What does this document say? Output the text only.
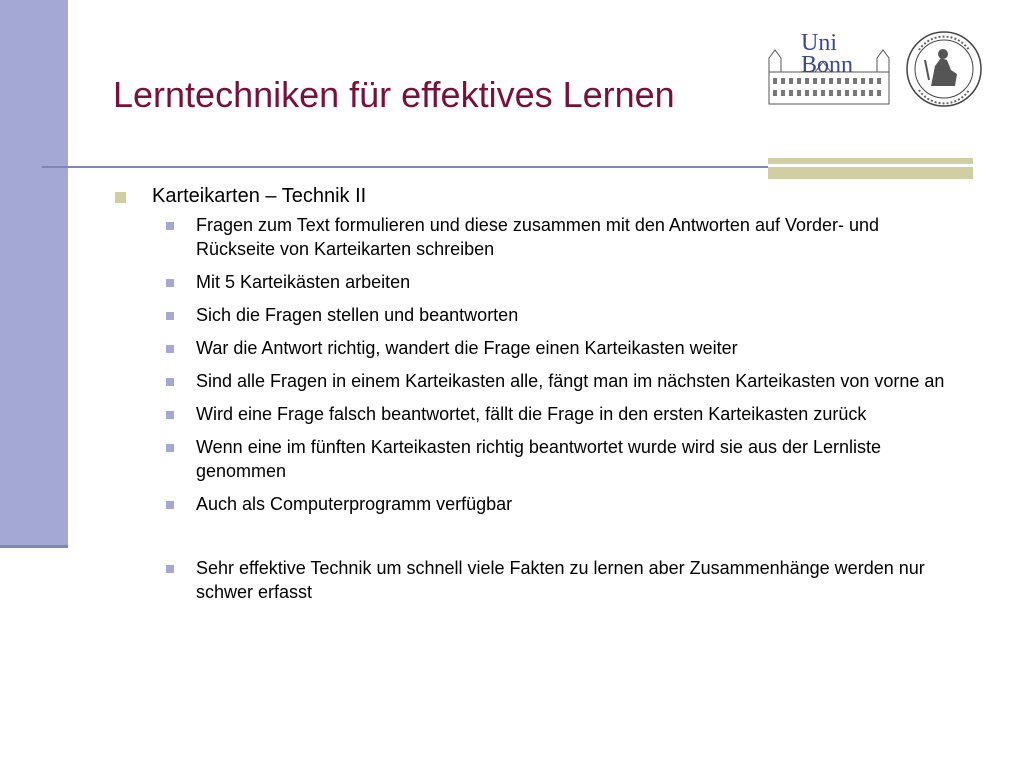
Lerntechniken für effektives Lernen
Uni
Bonn
Karteikarten – Technik II
Fragen zum Text formulieren und diese zusammen mit den Antworten auf Vorder- und Rückseite von Karteikarten schreiben
Mit 5 Karteikästen arbeiten
Sich die Fragen stellen und beantworten
War die Antwort richtig, wandert die Frage einen Karteikasten weiter
Sind alle Fragen in einem Karteikasten alle, fängt man im nächsten Karteikasten von vorne an
Wird eine Frage falsch beantwortet, fällt die Frage in den ersten Karteikasten zurück
Wenn eine im fünften Karteikasten richtig beantwortet wurde wird sie aus der Lernliste genommen
Auch als Computerprogramm verfügbar
Sehr effektive Technik um schnell viele Fakten zu lernen aber Zusammenhänge werden nur schwer erfasst
